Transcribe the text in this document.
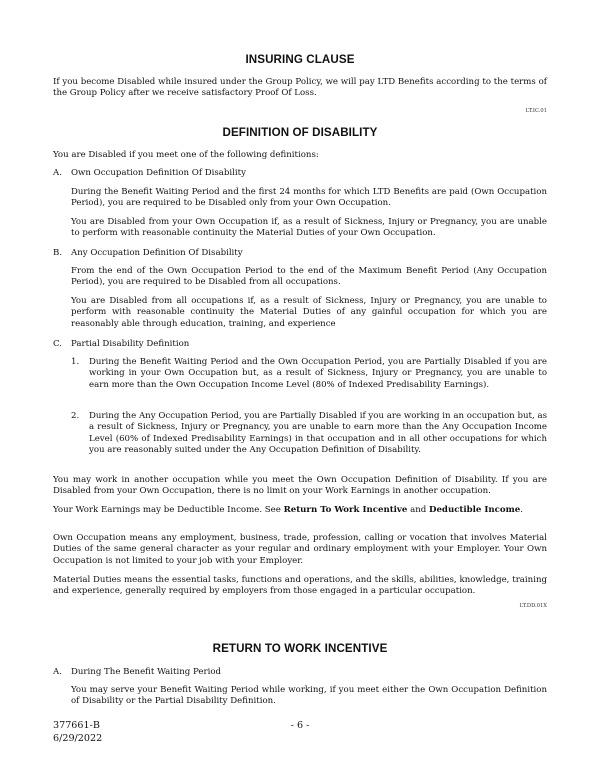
INSURING CLAUSE

If you become Disabled while insured under the Group Policy, we will pay LTD Benefits according to the terms of the Group Policy after we receive satisfactory Proof Of Loss.

LT.IC.01
DEFINITION OF DISABILITY

You are Disabled if you meet one of the following definitions:

A. Own Occupation Definition Of Disability

During the Benefit Waiting Period and the first 24 months for which LTD Benefits are paid (Own Occupation Period), you are required to be Disabled only from your Own Occupation.

You are Disabled from your Own Occupation if, as a result of Sickness, Injury or Pregnancy, you are unable to perform with reasonable continuity the Material Duties of your Own Occupation.

B. Any Occupation Definition Of Disability

From the end of the Own Occupation Period to the end of the Maximum Benefit Period (Any Occupation Period), you are required to be Disabled from all occupations.

You are Disabled from all occupations if, as a result of Sickness, Injury or Pregnancy, you are unable to perform with reasonable continuity the Material Duties of any gainful occupation for which you are reasonably able through education, training, and experience

C. Partial Disability Definition

1. During the Benefit Waiting Period and the Own Occupation Period, you are Partially Disabled if you are working in your Own Occupation but, as a result of Sickness, Injury or Pregnancy, you are unable to earn more than the Own Occupation Income Level (80% of Indexed Predisability Earnings).

2. During the Any Occupation Period, you are Partially Disabled if you are working in an occupation but, as a result of Sickness, Injury or Pregnancy, you are unable to earn more than the Any Occupation Income Level (60% of Indexed Predisability Earnings) in that occupation and in all other occupations for which you are reasonably suited under the Any Occupation Definition of Disability.

You may work in another occupation while you meet the Own Occupation Definition of Disability. If you are Disabled from your Own Occupation, there is no limit on your Work Earnings in another occupation.

Your Work Earnings may be Deductible Income. See Return To Work Incentive and Deductible Income.

Own Occupation means any employment, business, trade, profession, calling or vocation that involves Material Duties of the same general character as your regular and ordinary employment with your Employer. Your Own Occupation is not limited to your job with your Employer.

Material Duties means the essential tasks, functions and operations, and the skills, abilities, knowledge, training and experience, generally required by employers from those engaged in a particular occupation.

LT.DD.01X
RETURN TO WORK INCENTIVE
A. During The Benefit Waiting Period

You may serve your Benefit Waiting Period while working, if you meet either the Own Occupation Definition of Disability or the Partial Disability Definition.

377661-B
6/29/2022
- 6 -
